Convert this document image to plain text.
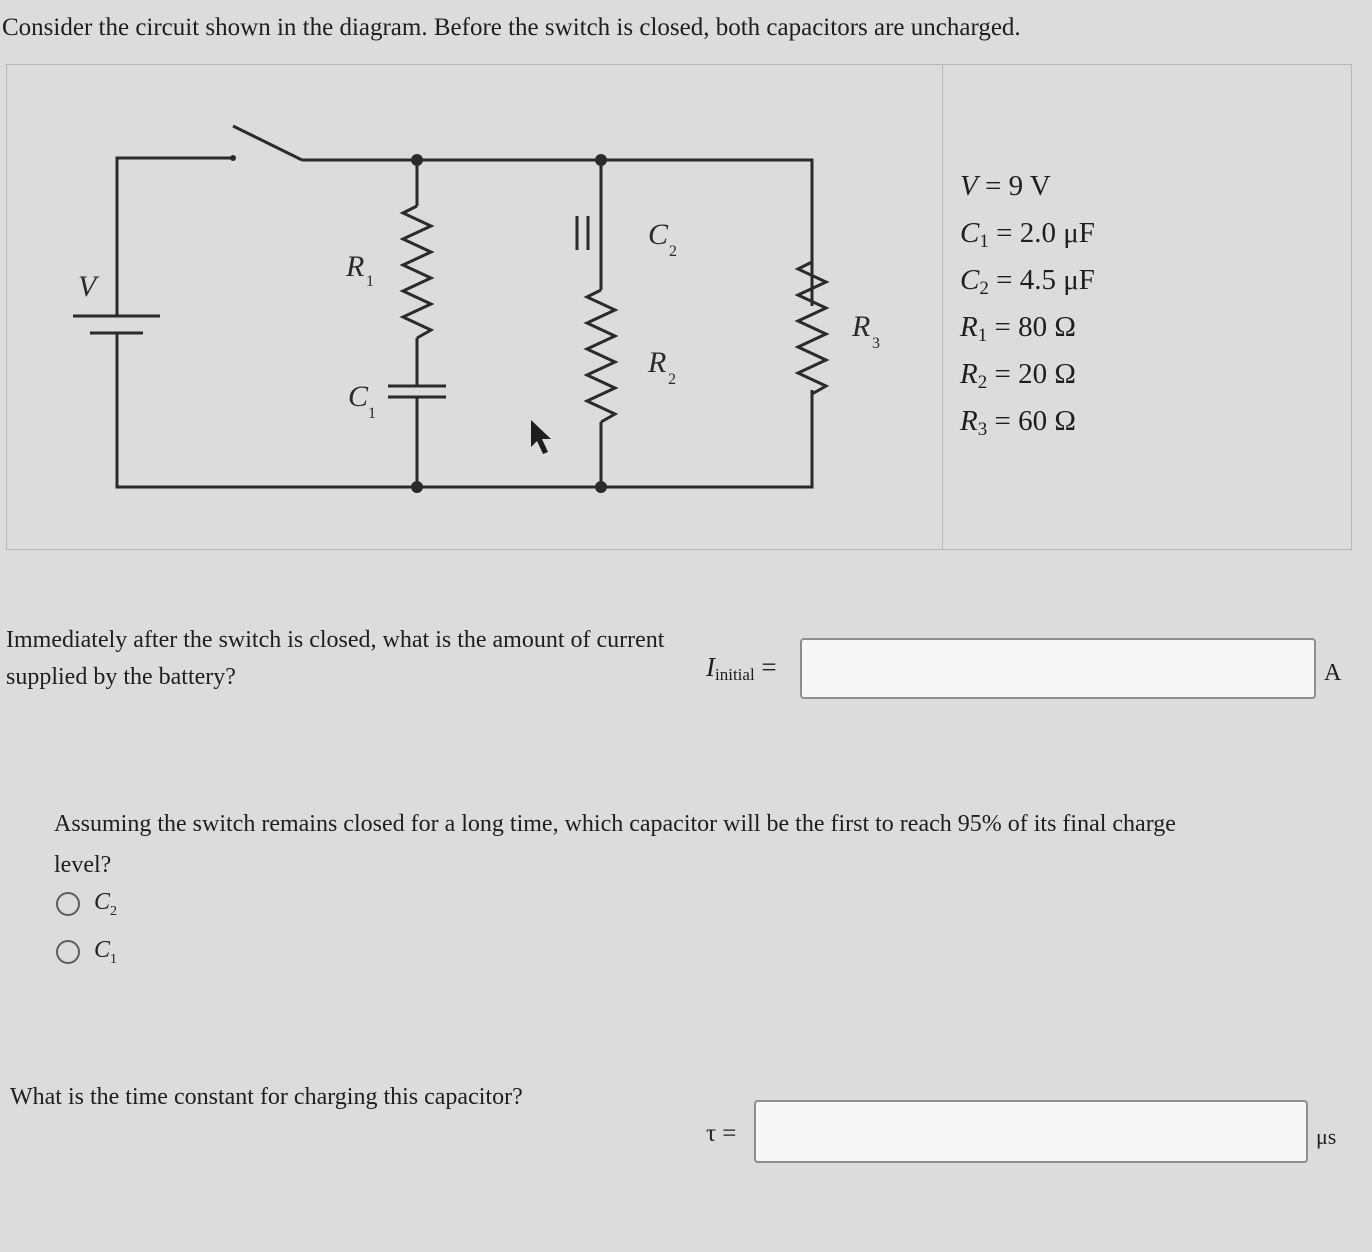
Consider the circuit shown in the diagram. Before the switch is closed, both capacitors are uncharged.
V
R 1
C
1
C
2
R
2
R
3
V = 9 V
C1 = 2.0 μF
C2 = 4.5 μF
R1 = 80 Ω
R2 = 20 Ω
R3 = 60 Ω
Immediately after the switch is closed, what is the amount of current supplied by the battery?	$I_{initial}$ =	A
Assuming the switch remains closed for a long time, which capacitor will be the first to reach 95% of its final charge level?
$C_2$
$C_1$
What is the time constant for charging this capacitor?
τ =	μs
